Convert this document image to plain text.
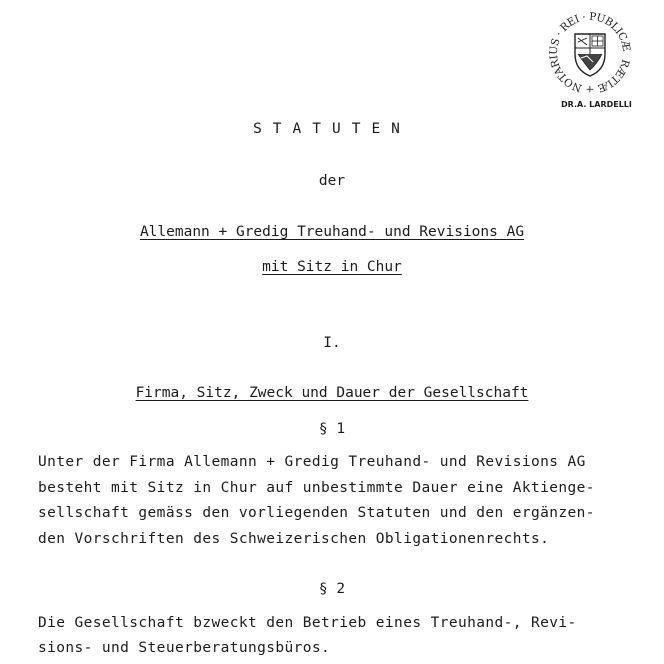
RÆTIÆ + NOTARIUS · REI · PUBLICÆ
DR.A. LARDELLI
STATUTEN
der
Allemann + Gredig Treuhand- und Revisions AG
mit Sitz in Chur
I.
Firma, Sitz, Zweck und Dauer der Gesellschaft
§ 1
Unter der Firma Allemann + Gredig Treuhand- und Revisions AG
besteht mit Sitz in Chur auf unbestimmte Dauer eine Aktienge-
sellschaft gemäss den vorliegenden Statuten und den ergänzen-
den Vorschriften des Schweizerischen Obligationenrechts.
§ 2
Die Gesellschaft bzweckt den Betrieb eines Treuhand-, Revi-
sions- und Steuerberatungsbüros.
